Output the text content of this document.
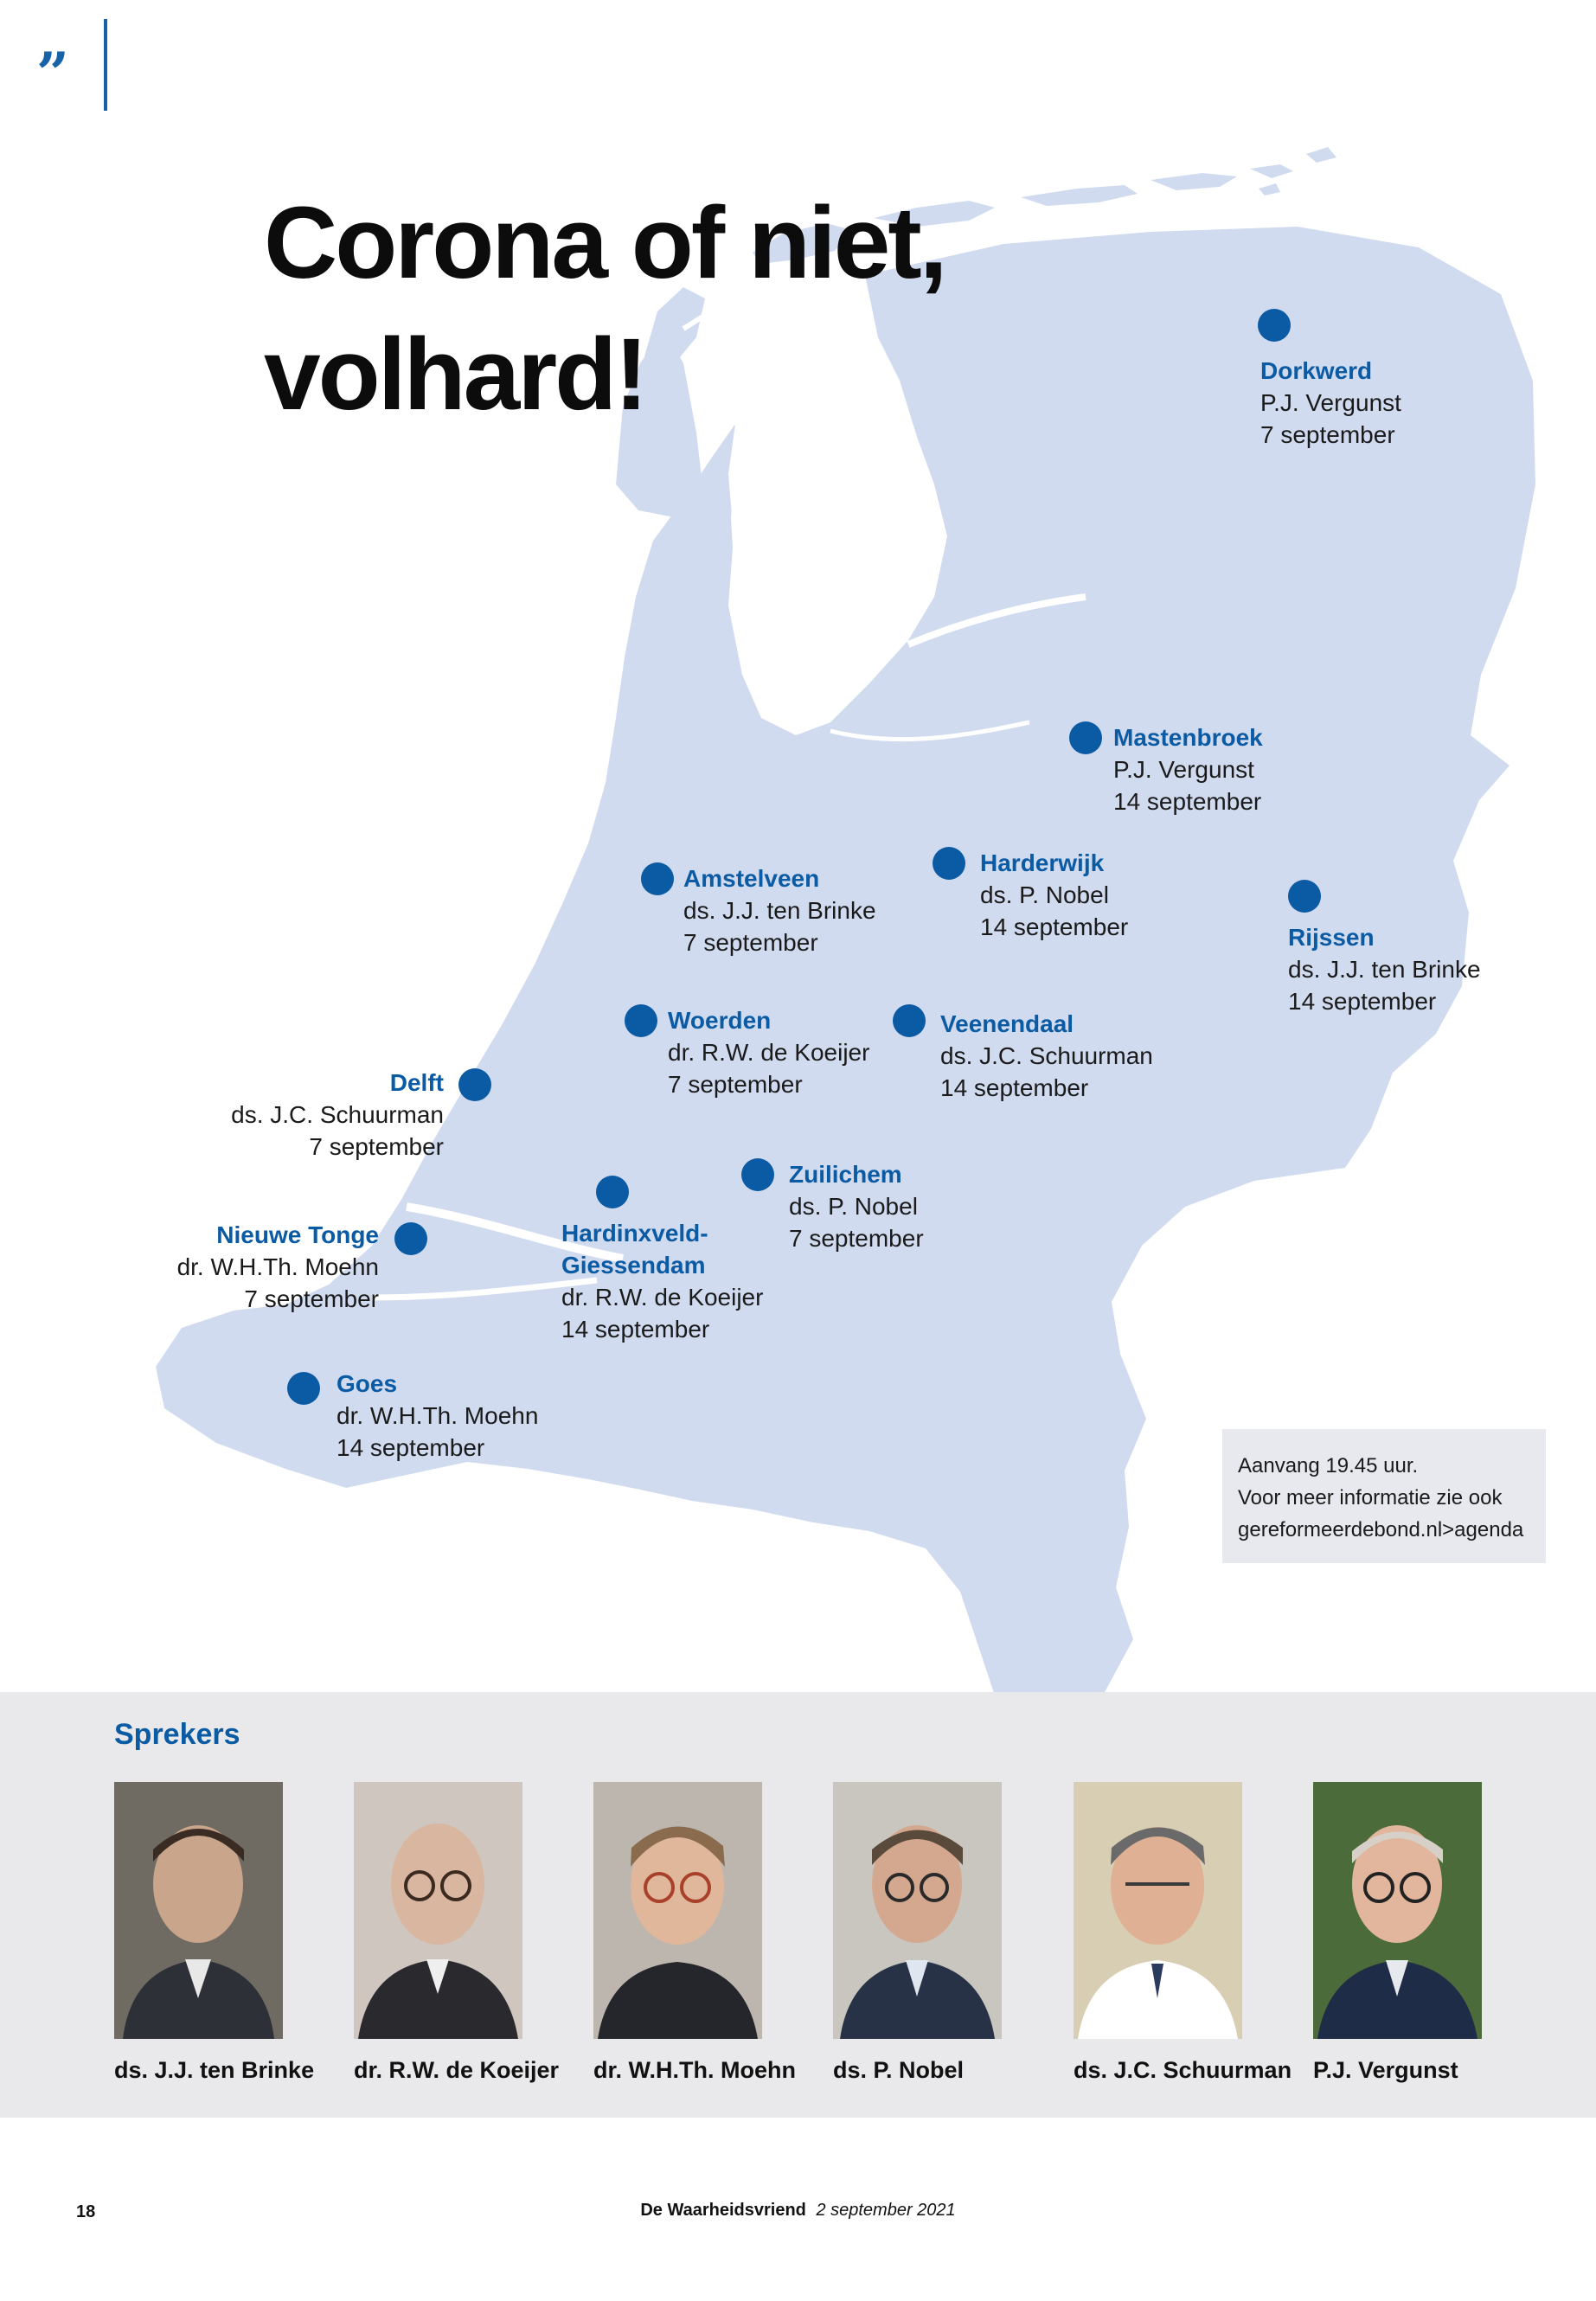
”
Corona of niet,
volhard!	Dorkwerd
P.J. Vergunst
7 september
Mastenbroek
P.J. Vergunst
14 september
Amstelveen
ds. J.J. ten Brinke
7 september
Harderwijk
ds. P. Nobel
14 september	Rijssen
ds. J.J. ten Brinke
14 september
Woerden
dr. R.W. de Koeijer
7 september
Veenendaal
ds. J.C. Schuurman
14 september
Delft
ds. J.C. Schuurman
7 september
Zuilichem
ds. P. Nobel
7 september
Nieuwe Tonge
dr. W.H.Th. Moehn
7 september
Hardinxveld-
Giessendam
dr. R.W. de Koeijer
14 september
Goes
dr. W.H.Th. Moehn
14 september
Aanvang 19.45 uur.
Voor meer informatie zie ook
gereformeerdebond.nl>agenda
Sprekers
ds. J.J. ten Brinke dr. R.W. de Koeijer dr. W.H.Th. Moehn ds. P. Nobel	ds. J.C. Schuurman P.J. Vergunst
18	De Waarheidsvriend 2 september 2021
